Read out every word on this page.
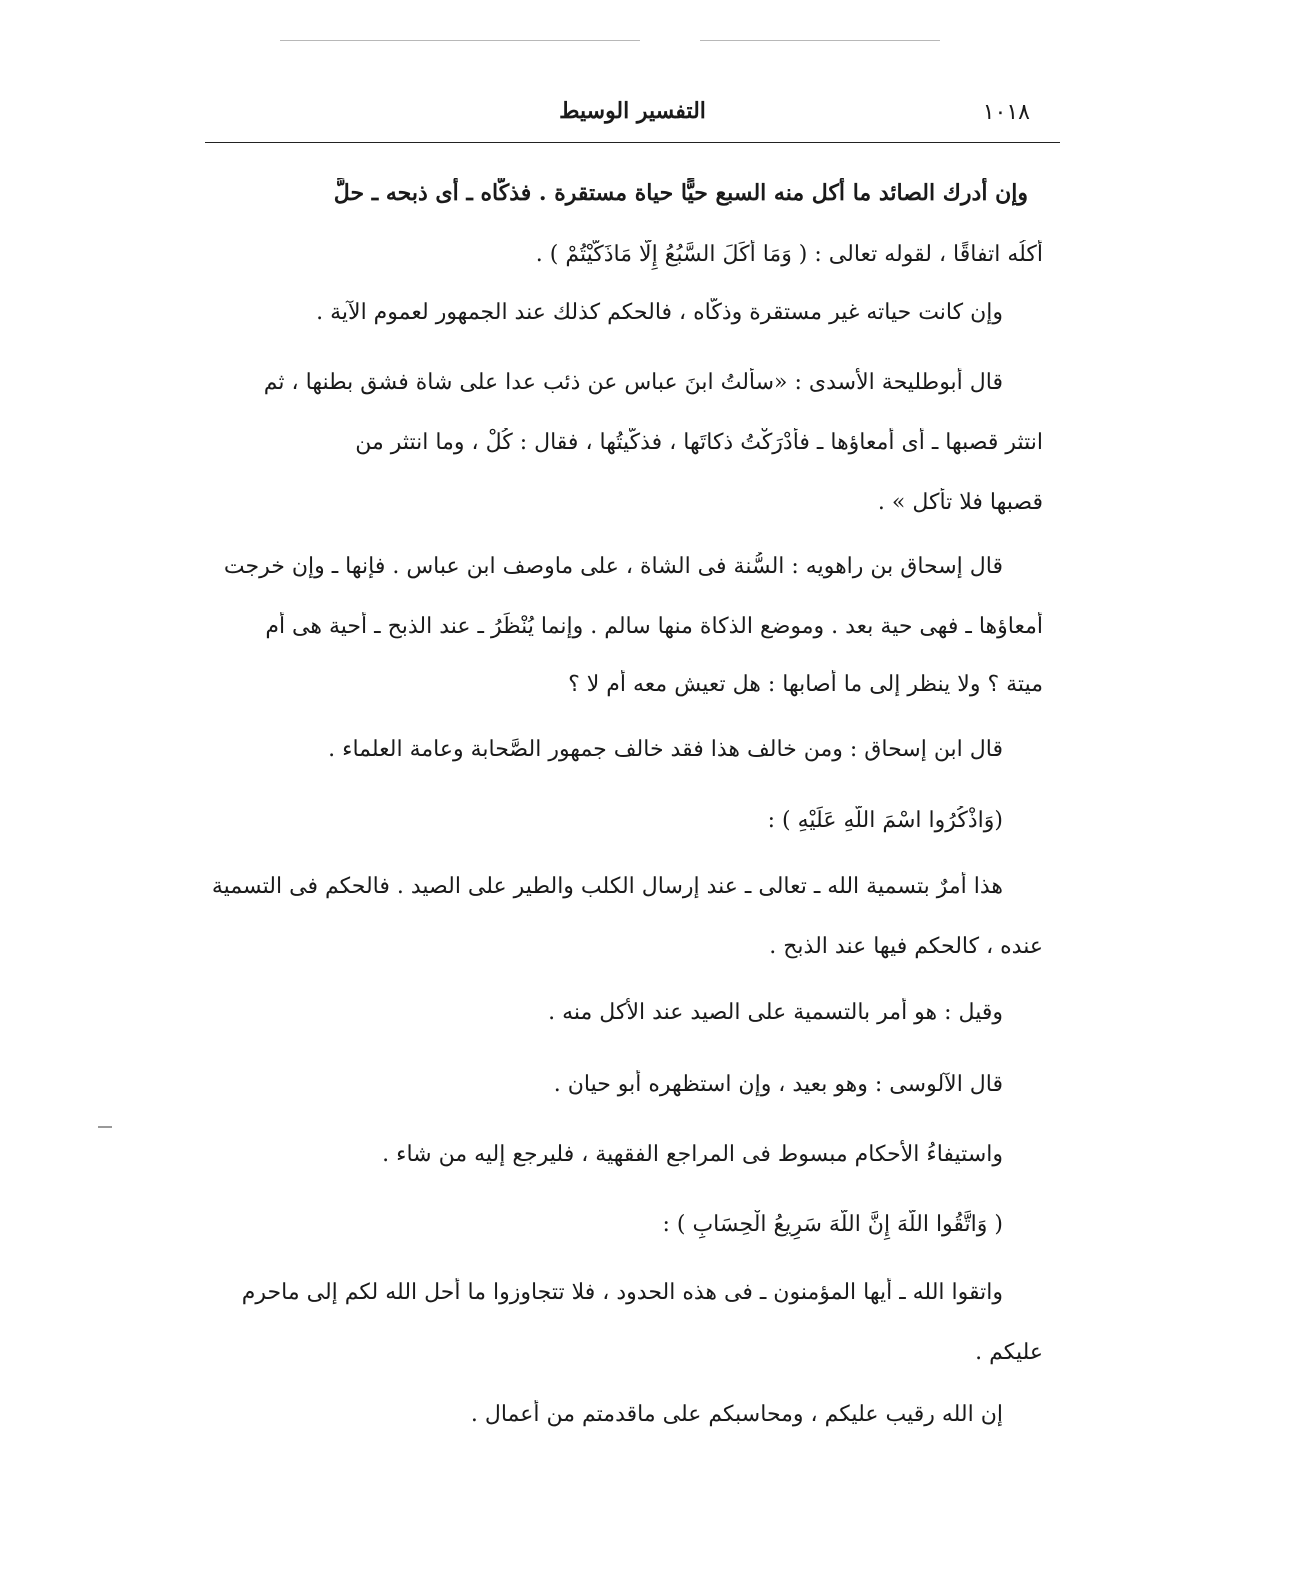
١٠١٨
التفسير الوسيط
وإن أدرك الصائد ما أكل منه السبع حيًّا حياة مستقرة . فذكَّاه ـ أى ذبحه ـ حلَّ
أكلُه اتفاقًا ، لقوله تعالى : ( وَمَا أَكَلَ السَّبُعُ إِلَّا مَاذَكَّيْتُمْ ) .
وإن كانت حياته غير مستقرة وذكَّاه ، فالحكم كذلك عند الجمهور لعموم الآية .
قال أبوطليحة الأسدى : «سألتُ ابنَ عباس عن ذئب عدا على شاة فشق بطنها ، ثم
انتثر قصبها ـ أى أمعاؤها ـ فأدْرَكْتُ ذكاتَها ، فذكَّيتُها ، فقال : كُلْ ، وما انتثر من
قصبها فلا تأْكل » .
قال إسحاق بن راهويه : السُّنة فى الشاة ، على ماوصف ابن عباس . فإنها ـ وإن خرجت
أمعاؤها ـ فهى حية بعد . وموضع الذكاة منها سالم . وإنما يُنْظَرُ ـ عند الذبح ـ أحية هى أم
ميتة ؟ ولا ينظر إلى ما أصابها : هل تعيش معه أم لا ؟
قال ابن إسحاق : ومن خالف هذا فقد خالف جمهور الصَّحابة وعامة العلماء .
(وَاذْكُرُوا اسْمَ اللَّهِ عَلَيْهِ ) :
هذا أمرٌ بتسمية الله ـ تعالى ـ عند إرسال الكلب والطير على الصيد . فالحكم فى التسمية
عنده ، كالحكم فيها عند الذبح .
وقيل : هو أمر بالتسمية على الصيد عند الأكل منه .
قال الآلوسى : وهو بعيد ، وإن استظهره أبو حيان .
واستيفاءُ الأحكام مبسوط فى المراجع الفقهية ، فليرجع إليه من شاء .
( وَاتَّقُوا اللَّهَ إِنَّ اللَّهَ سَرِيعُ الْحِسَابِ ) :
واتقوا الله ـ أيها المؤمنون ـ فى هذه الحدود ، فلا تتجاوزوا ما أحل الله لكم إلى ماحرم
عليكم .
إن الله رقيب عليكم ، ومحاسبكم على ماقدمتم من أعمال .
